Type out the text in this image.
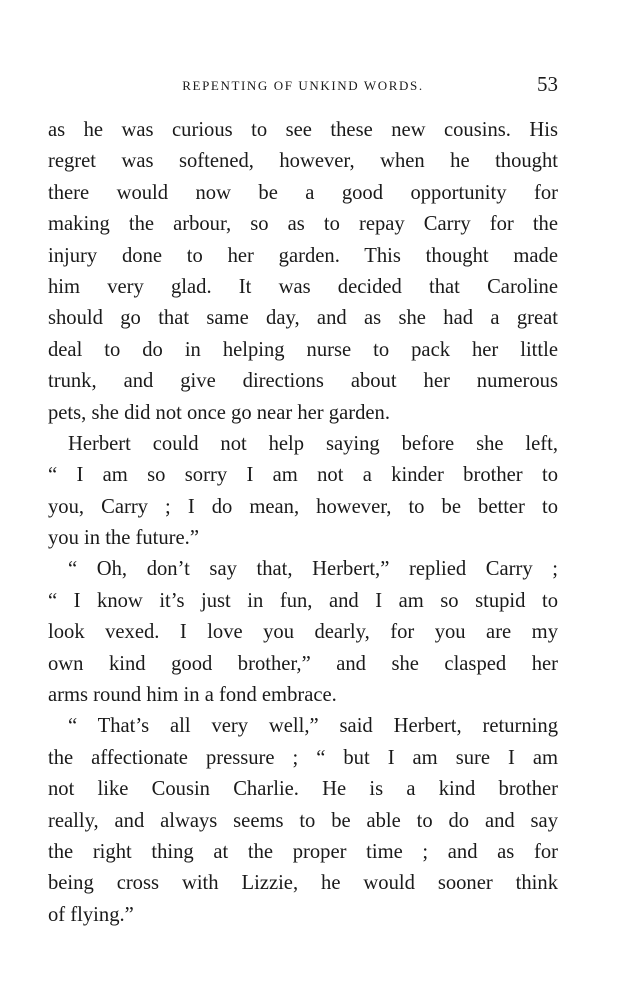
REPENTING OF UNKIND WORDS.	53
as he was curious to see these new cousins. His
regret was softened, however, when he thought
there would now be a good opportunity for
making the arbour, so as to repay Carry for the
injury done to her garden. This thought made
him very glad. It was decided that Caroline
should go that same day, and as she had a great
deal to do in helping nurse to pack her little
trunk, and give directions about her numerous
pets, she did not once go near her garden.
Herbert could not help saying before she left,
“ I am so sorry I am not a kinder brother to
you, Carry ; I do mean, however, to be better to
you in the future.”
“ Oh, don’t say that, Herbert,” replied Carry ;
“ I know it’s just in fun, and I am so stupid to
look vexed. I love you dearly, for you are my
own kind good brother,” and she clasped her
arms round him in a fond embrace.
“ That’s all very well,” said Herbert, returning
the affectionate pressure ; “ but I am sure I am
not like Cousin Charlie. He is a kind brother
really, and always seems to be able to do and say
the right thing at the proper time ; and as for
being cross with Lizzie, he would sooner think
of flying.”
